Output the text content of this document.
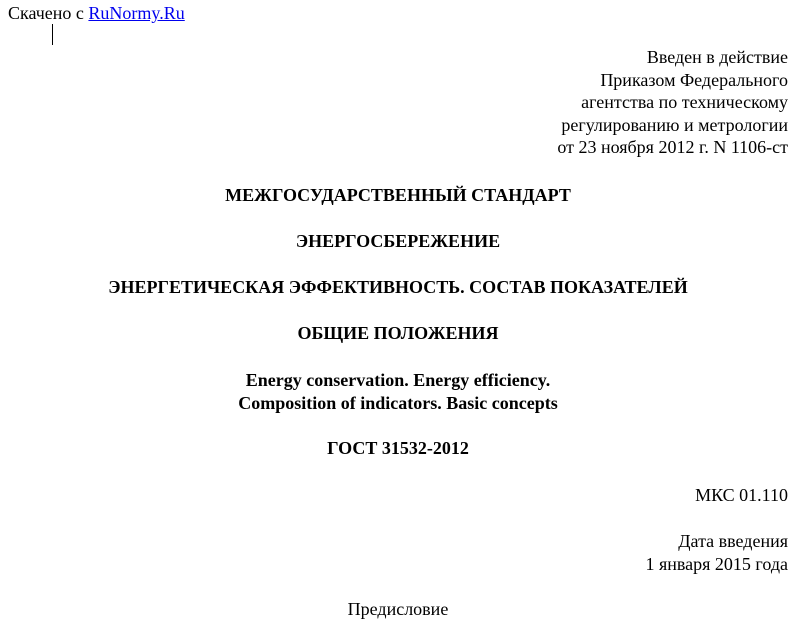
Скачено с RuNormy.Ru
Введен в действие
Приказом Федерального
агентства по техническому
регулированию и метрологии
от 23 ноября 2012 г. N 1106-ст
МЕЖГОСУДАРСТВЕННЫЙ СТАНДАРТ
ЭНЕРГОСБЕРЕЖЕНИЕ
ЭНЕРГЕТИЧЕСКАЯ ЭФФЕКТИВНОСТЬ. СОСТАВ ПОКАЗАТЕЛЕЙ
ОБЩИЕ ПОЛОЖЕНИЯ
Energy conservation. Energy efficiency.
Composition of indicators. Basic concepts
ГОСТ 31532-2012
МКС 01.110
Дата введения
1 января 2015 года
Предисловие
